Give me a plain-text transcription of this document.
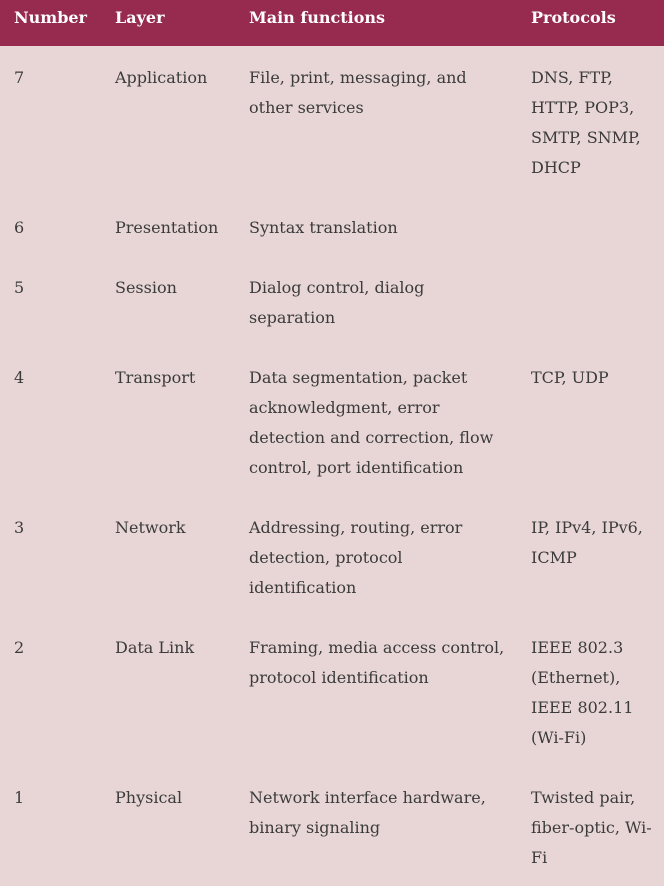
Number	Layer	Main functions	Protocols
7	Application	File, print, messaging, and other services	DNS, FTP, HTTP, POP3, SMTP, SNMP, DHCP
6	Presentation	Syntax translation	
5	Session	Dialog control, dialog separation	
4	Transport	Data segmentation, packet acknowledgment, error detection and correction, flow control, port identification	TCP, UDP
3	Network	Addressing, routing, error detection, protocol identification	IP, IPv4, IPv6, ICMP
2	Data Link	Framing, media access control, protocol identification	IEEE 802.3 (Ethernet), IEEE 802.11 (Wi-Fi)
1	Physical	Network interface hardware, binary signaling	Twisted pair, fiber-optic, Wi-Fi
